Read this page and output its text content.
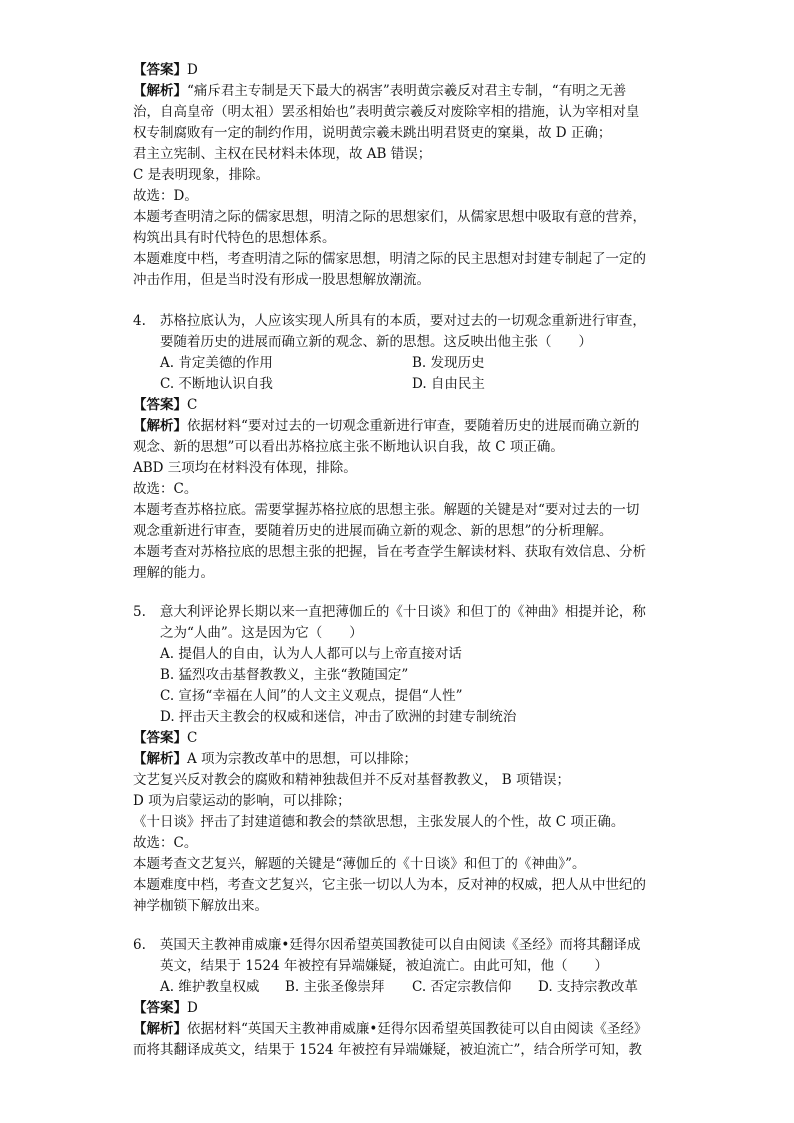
【答案】D
【解析】“痛斥君主专制是天下最大的祸害”表明黄宗羲反对君主专制，“有明之无善
治，自高皇帝（明太祖）罢丞相始也”表明黄宗羲反对废除宰相的措施，认为宰相对皇
权专制腐败有一定的制约作用，说明黄宗羲未跳出明君贤吏的窠巢，故 D 正确；
君主立宪制、主权在民材料未体现，故 AB 错误；
C 是表明现象，排除。
故选：D。
本题考查明清之际的儒家思想，明清之际的思想家们，从儒家思想中吸取有意的营养，
构筑出具有时代特色的思想体系。
本题难度中档，考查明清之际的儒家思想，明清之际的民主思想对封建专制起了一定的
冲击作用，但是当时没有形成一股思想解放潮流。
4. 苏格拉底认为，人应该实现人所具有的本质，要对过去的一切观念重新进行审查，
要随着历史的进展而确立新的观念、新的思想。这反映出他主张（　　）
A. 肯定美德的作用	B. 发现历史
C. 不断地认识自我	D. 自由民主
【答案】C
【解析】依据材料“要对过去的一切观念重新进行审查，要随着历史的进展而确立新的
观念、新的思想”可以看出苏格拉底主张不断地认识自我，故 C 项正确。
ABD 三项均在材料没有体现，排除。
故选：C。
本题考查苏格拉底。需要掌握苏格拉底的思想主张。解题的关键是对“要对过去的一切
观念重新进行审查，要随着历史的进展而确立新的观念、新的思想”的分析理解。
本题考查对苏格拉底的思想主张的把握，旨在考查学生解读材料、获取有效信息、分析
理解的能力。
5. 意大利评论界长期以来一直把薄伽丘的《十日谈》和但丁的《神曲》相提并论，称
之为“人曲”。这是因为它（　　）
A. 提倡人的自由，认为人人都可以与上帝直接对话
B. 猛烈攻击基督教教义，主张“教随国定”
C. 宣扬“幸福在人间”的人文主义观点，提倡“人性”
D. 抨击天主教会的权威和迷信，冲击了欧洲的封建专制统治
【答案】C
【解析】A 项为宗教改革中的思想，可以排除；
文艺复兴反对教会的腐败和精神独裁但并不反对基督教教义， B 项错误；
D 项为启蒙运动的影响，可以排除；
《十日谈》抨击了封建道德和教会的禁欲思想，主张发展人的个性，故 C 项正确。
故选：C。
本题考查文艺复兴，解题的关键是“薄伽丘的《十日谈》和但丁的《神曲》”。
本题难度中档，考查文艺复兴，它主张一切以人为本，反对神的权威，把人从中世纪的
神学枷锁下解放出来。
6. 英国天主教神甫威廉•廷得尔因希望英国教徒可以自由阅读《圣经》而将其翻译成
英文，结果于 1524 年被控有异端嫌疑，被迫流亡。由此可知，他（　　）
A. 维护教皇权威 B. 主张圣像崇拜 C. 否定宗教信仰 D. 支持宗教改革
【答案】D
【解析】依据材料“英国天主教神甫威廉•廷得尔因希望英国教徒可以自由阅读《圣经》
而将其翻译成英文，结果于 1524 年被控有异端嫌疑，被迫流亡”，结合所学可知，教
